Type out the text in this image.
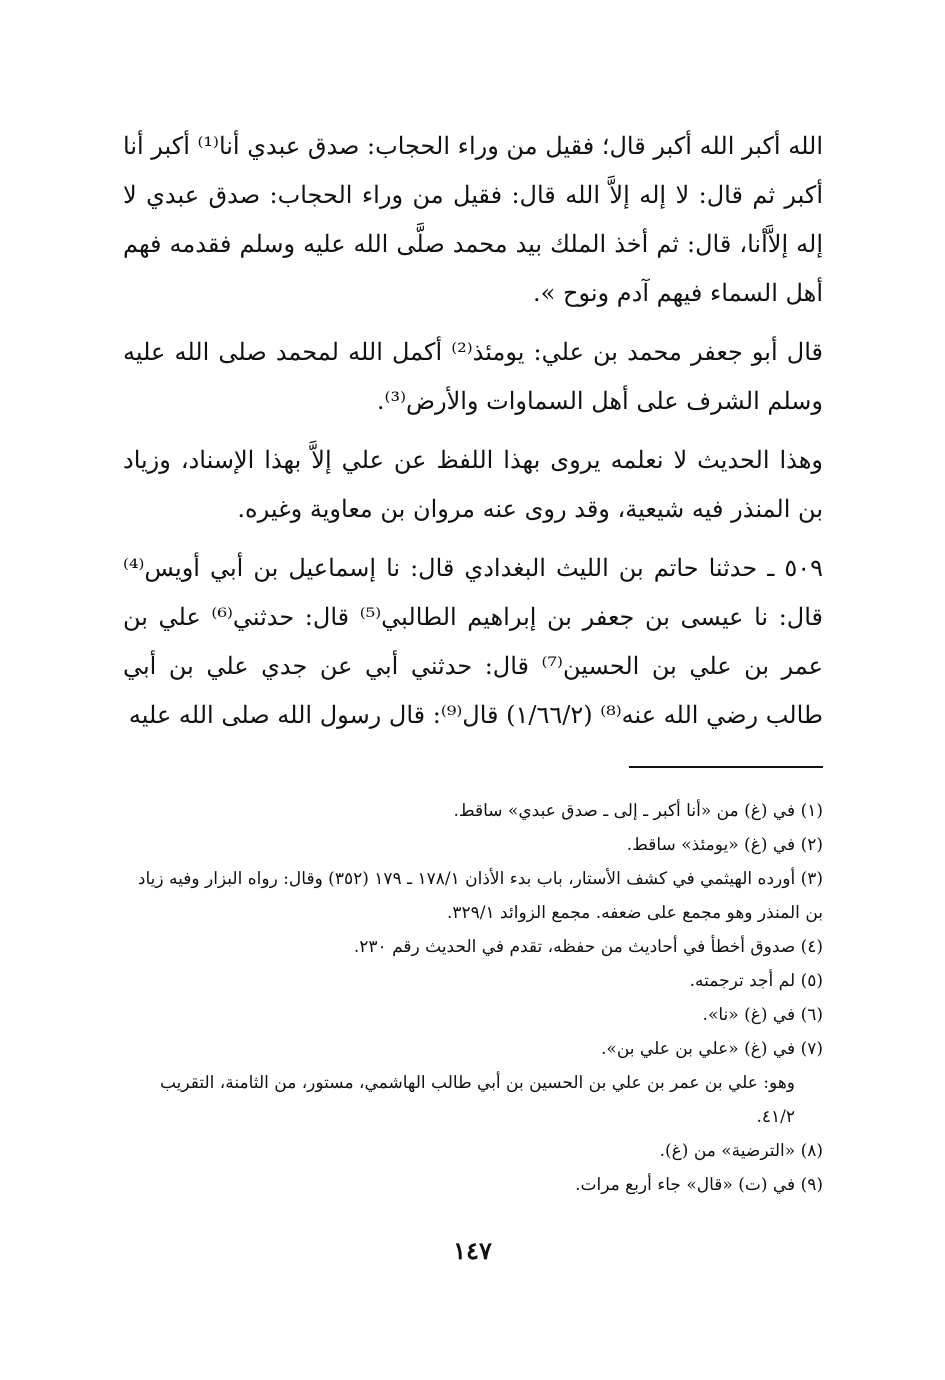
الله أكبر الله أكبر قال؛ فقيل من وراء الحجاب: صدق عبدي أنا⁽¹⁾ أكبر أنا أكبر ثم قال: لا إله إلاَّ الله قال: فقيل من وراء الحجاب: صدق عبدي لا إله إلاَّأنا، قال: ثم أخذ الملك بيد محمد صلَّى الله عليه وسلم فقدمه فهم أهل السماء فيهم آدم ونوح ».

قال أبو جعفر محمد بن علي: يومئذ⁽²⁾ أكمل الله لمحمد صلى الله عليه وسلم الشرف على أهل السماوات والأرض⁽³⁾.

وهذا الحديث لا نعلمه يروى بهذا اللفظ عن علي إلاَّ بهذا الإسناد، وزياد بن المنذر فيه شيعية، وقد روى عنه مروان بن معاوية وغيره.

٥٠٩ ـ حدثنا حاتم بن الليث البغدادي قال: نا إسماعيل بن أبي أويس⁽⁴⁾ قال: نا عيسى بن جعفر بن إبراهيم الطالبي⁽⁵⁾ قال: حدثني⁽⁶⁾ علي بن عمر بن علي بن الحسين⁽⁷⁾ قال: حدثني أبي عن جدي علي بن أبي طالب رضي الله عنه⁽⁸⁾ (١/٦٦/٢) قال⁽⁹⁾: قال رسول الله صلى الله عليه

(١) في (غ) من «أنا أكبر ـ إلى ـ صدق عبدي» ساقط.

(٢) في (غ) «يومئذ» ساقط.

(٣) أورده الهيثمي في كشف الأستار، باب بدء الأذان ١٧٨/١ ـ ١٧٩ (٣٥٢) وقال: رواه البزار وفيه زياد بن المنذر وهو مجمع على ضعفه. مجمع الزوائد ٣٢٩/١.

(٤) صدوق أخطأ في أحاديث من حفظه، تقدم في الحديث رقم ٢٣٠.

(٥) لم أجد ترجمته.

(٦) في (غ) «نا».

(٧) في (غ) «علي بن علي بن».

وهو: علي بن عمر بن علي بن الحسين بن أبي طالب الهاشمي، مستور، من الثامنة، التقريب ٤١/٢.

(٨) «الترضية» من (غ).

(٩) في (ت) «قال» جاء أربع مرات.

١٤٧
